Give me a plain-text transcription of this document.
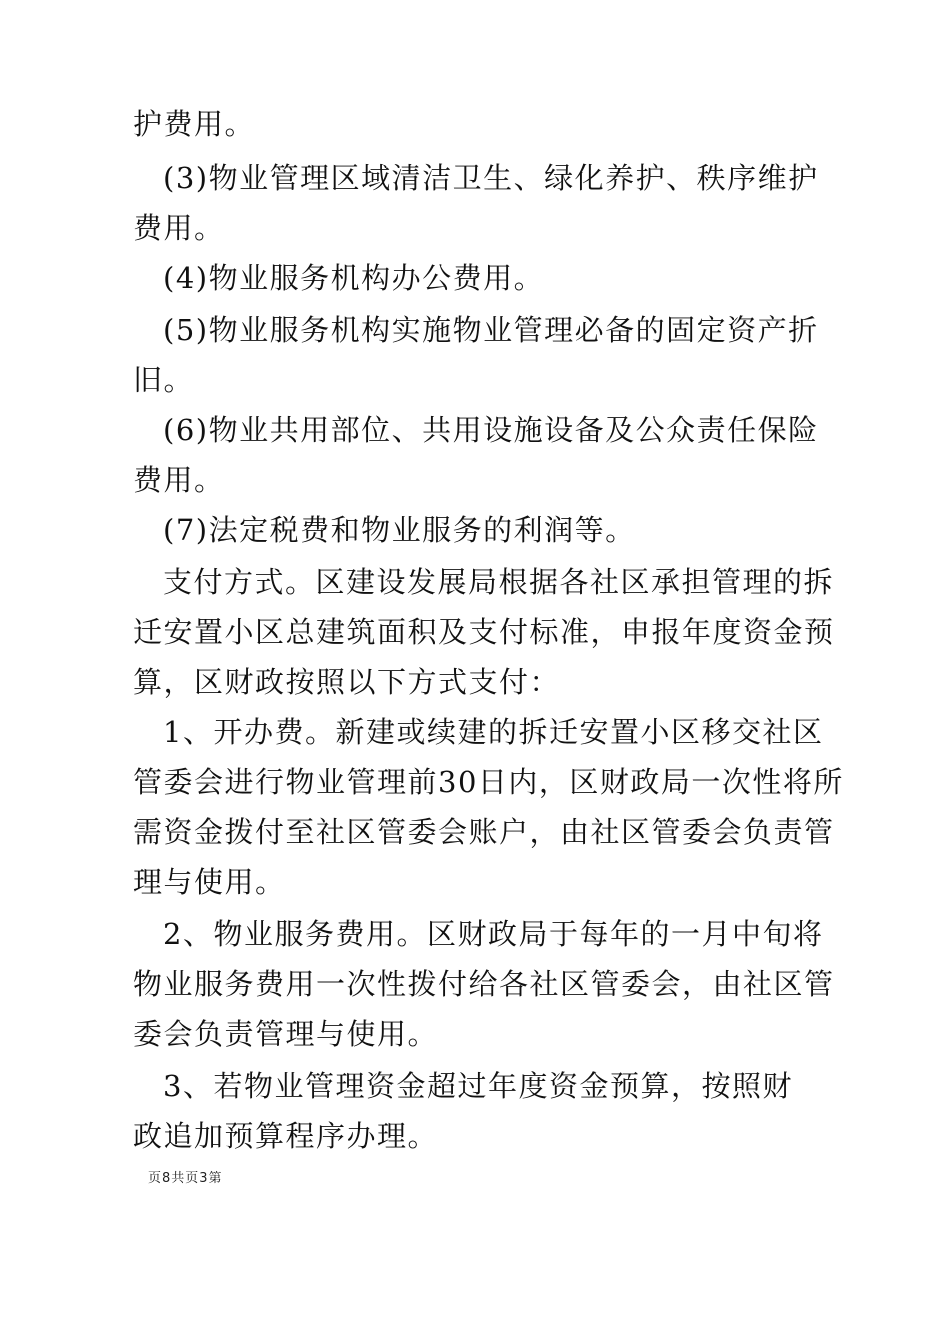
护费用。
(3)物业管理区域清洁卫生、绿化养护、秩序维护
费用。
(4)物业服务机构办公费用。
(5)物业服务机构实施物业管理必备的固定资产折
旧。
(6)物业共用部位、共用设施设备及公众责任保险
费用。
(7)法定税费和物业服务的利润等。
支付方式。区建设发展局根据各社区承担管理的拆
迁安置小区总建筑面积及支付标准，申报年度资金预
算，区财政按照以下方式支付：
1、开办费。新建或续建的拆迁安置小区移交社区
管委会进行物业管理前30日内，区财政局一次性将所
需资金拨付至社区管委会账户，由社区管委会负责管
理与使用。
2、物业服务费用。区财政局于每年的一月中旬将
物业服务费用一次性拨付给各社区管委会，由社区管
委会负责管理与使用。
3、若物业管理资金超过年度资金预算，按照财
政追加预算程序办理。
页8共页3第
